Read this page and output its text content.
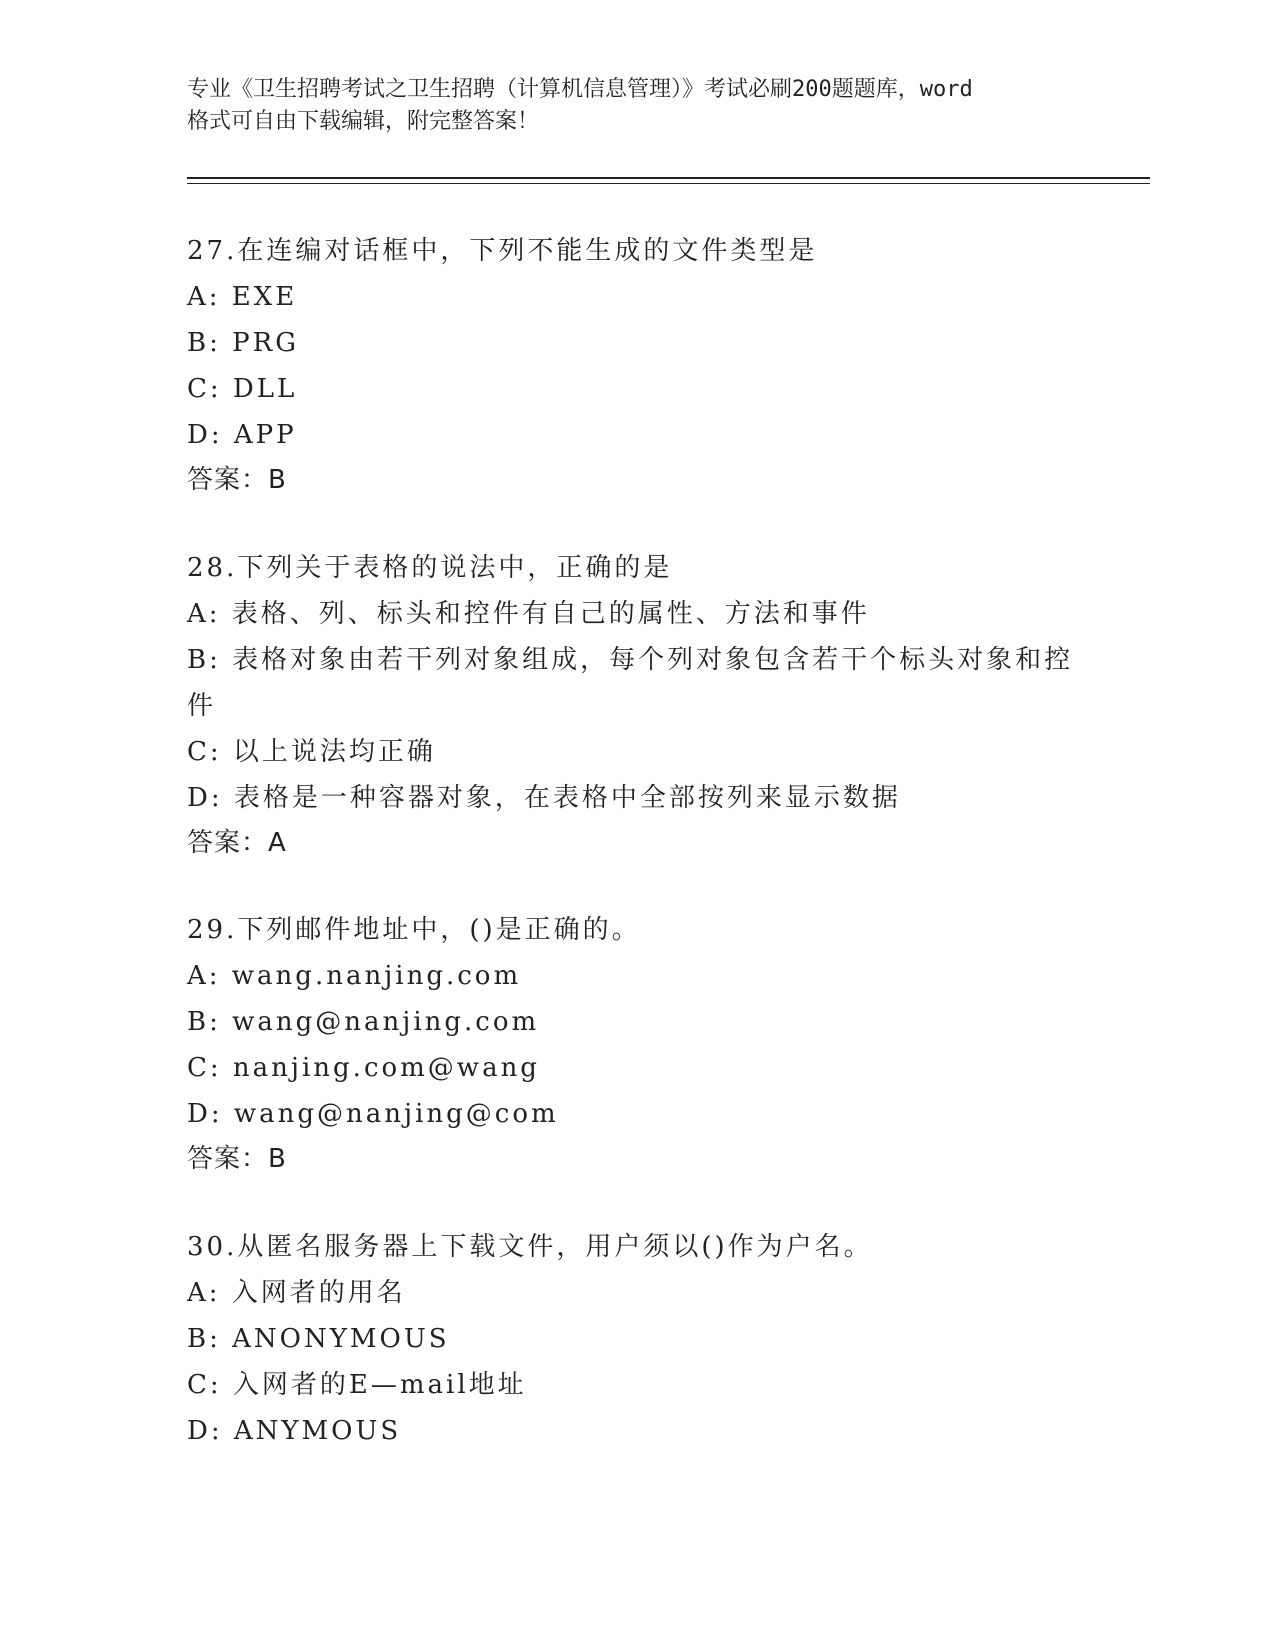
专业《卫生招聘考试之卫生招聘（计算机信息管理）》考试必刷200题题库，word
格式可自由下载编辑，附完整答案！
27.在连编对话框中，下列不能生成的文件类型是
A: EXE
B: PRG
C: DLL
D: APP
答案：B
28.下列关于表格的说法中，正确的是
A: 表格、列、标头和控件有自己的属性、方法和事件
B: 表格对象由若干列对象组成，每个列对象包含若干个标头对象和控
件
C: 以上说法均正确
D: 表格是一种容器对象，在表格中全部按列来显示数据
答案：A
29.下列邮件地址中，()是正确的。
A: wang.nanjing.com
B: wang@nanjing.com
C: nanjing.com@wang
D: wang@nanjing@com
答案：B
30.从匿名服务器上下载文件，用户须以()作为户名。
A: 入网者的用名
B: ANONYMOUS
C: 入网者的E—mail地址
D: ANYMOUS
